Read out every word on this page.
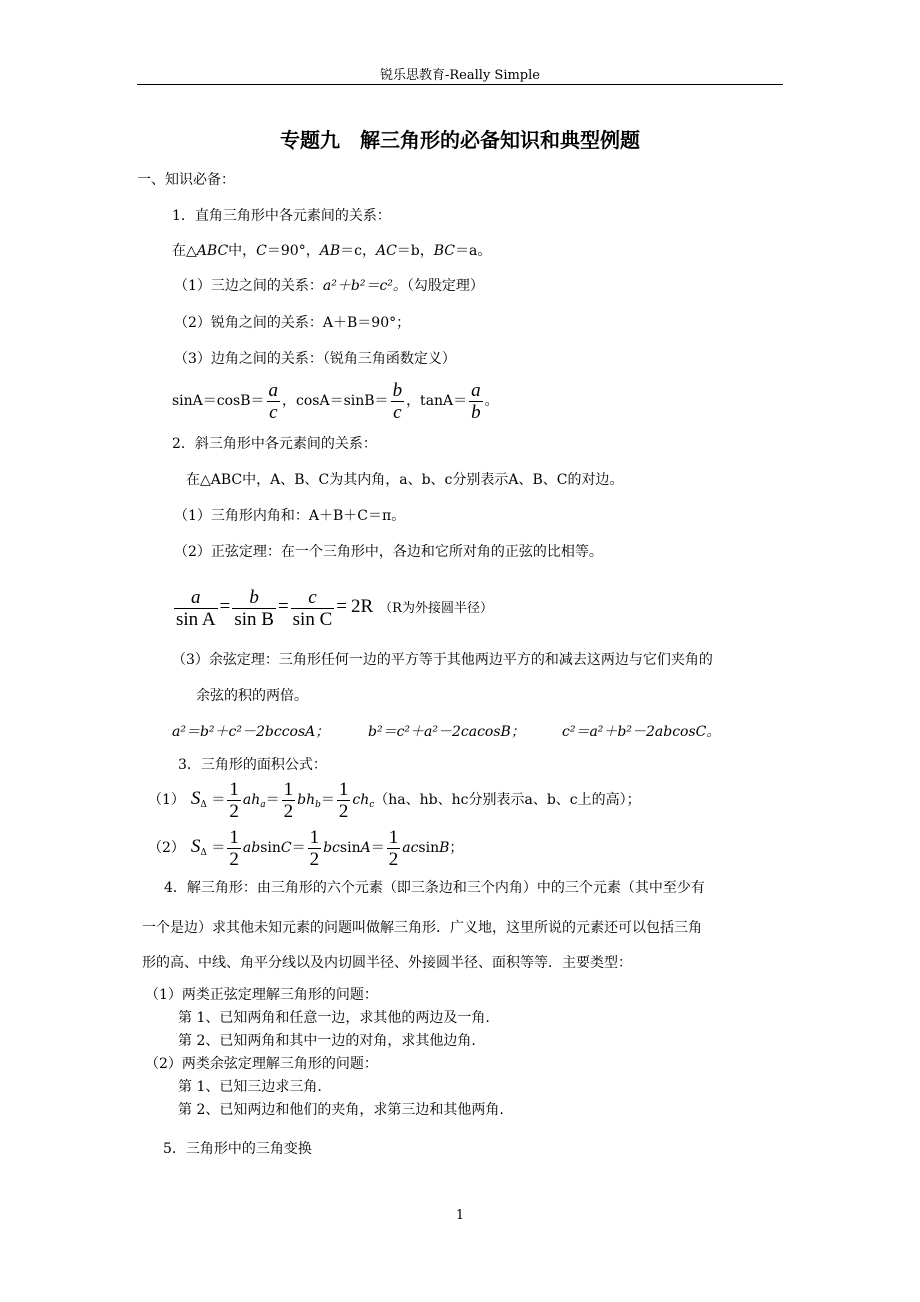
锐乐思教育-Really Simple
专题九　解三角形的必备知识和典型例题
一、知识必备：
1．直角三角形中各元素间的关系：
在△ABC中，C＝90°，AB＝c，AC＝b，BC＝a。
（1）三边之间的关系：a²＋b²＝c²。（勾股定理）
（2）锐角之间的关系：A＋B＝90°；
（3）边角之间的关系：（锐角三角函数定义）
$\sin A=\cos B= \frac{a}{c}$ ，$\cos A=\sin B= \frac{b}{c}$ ，$\tan A= \frac{a}{b}$ 。
2．斜三角形中各元素间的关系：
在△ABC中，A、B、C为其内角，a、b、c分别表示A、B、C的对边。
（1）三角形内角和：A＋B＋C＝π。
（2）正弦定理：在一个三角形中，各边和它所对角的正弦的比相等。
$\frac{a}{\text{sin A}} = \frac{b}{\text{sin B}} = \frac{c}{\text{sin C}} = 2R$ （R为外接圆半径）
（3）余弦定理：三角形任何一边的平方等于其他两边平方的和减去这两边与它们夹角的
余弦的积的两倍。
a²＝b²＋c²－2bccosA；	b²＝c²＋a²－2cacosB；	c²＝a²＋b²－2abcosC。
3．三角形的面积公式：
（1） $S_\Delta = \frac{1}{2} ah_a= \frac{1}{2} bh_b= \frac{1}{2} ch_c(ha$、hb、hc分别表示a、b、c上的高）；
（2） $S_\Delta = \frac{1}{2} absinC= \frac{1}{2} bcsinA= \frac{1}{2}$ acsinB；
4．解三角形：由三角形的六个元素（即三条边和三个内角）中的三个元素（其中至少有
一个是边）求其他未知元素的问题叫做解三角形．广义地，这里所说的元素还可以包括三角
形的高、中线、角平分线以及内切圆半径、外接圆半径、面积等等．主要类型：
（1）两类正弦定理解三角形的问题：
第 1、已知两角和任意一边，求其他的两边及一角.
第 2、已知两角和其中一边的对角，求其他边角.
（2）两类余弦定理解三角形的问题：
第 1、已知三边求三角.
第 2、已知两边和他们的夹角，求第三边和其他两角.
5．三角形中的三角变换
1
